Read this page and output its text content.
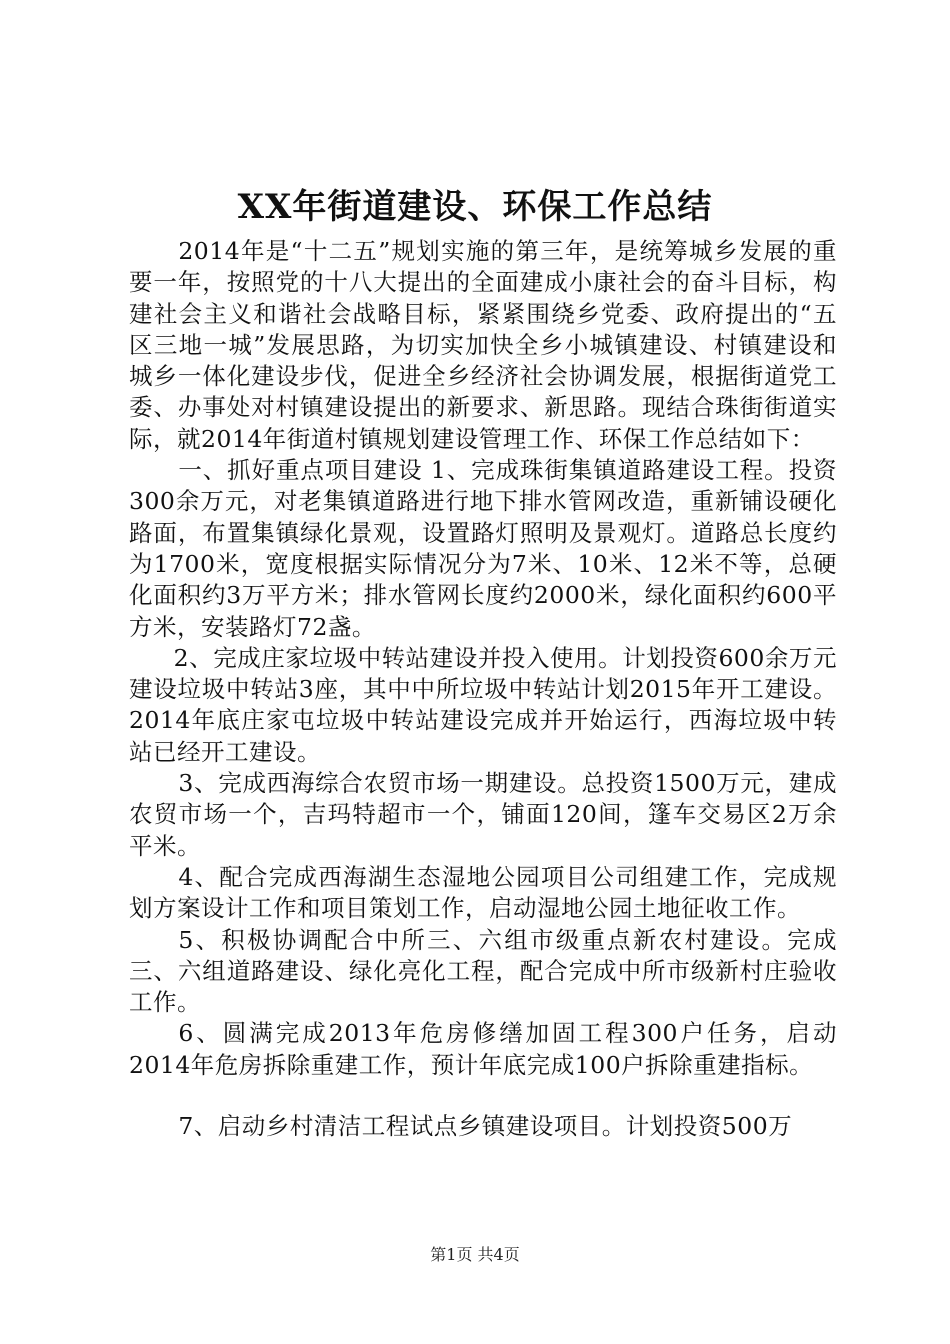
XX年街道建设、环保工作总结

2014年是“十二五”规划实施的第三年，是统筹城乡发展的重要一年，按照党的十八大提出的全面建成小康社会的奋斗目标，构建社会主义和谐社会战略目标，紧紧围绕乡党委、政府提出的“五区三地一城”发展思路，为切实加快全乡小城镇建设、村镇建设和城乡一体化建设步伐，促进全乡经济社会协调发展，根据街道党工委、办事处对村镇建设提出的新要求、新思路。现结合珠街街道实际，就2014年街道村镇规划建设管理工作、环保工作总结如下：

一、抓好重点项目建设 1、完成珠街集镇道路建设工程。投资300余万元，对老集镇道路进行地下排水管网改造，重新铺设硬化路面，布置集镇绿化景观，设置路灯照明及景观灯。道路总长度约为1700米，宽度根据实际情况分为7米、10米、12米不等，总硬化面积约3万平方米；排水管网长度约2000米，绿化面积约600平方米，安装路灯72盏。

2、完成庄家垃圾中转站建设并投入使用。计划投资600余万元建设垃圾中转站3座，其中中所垃圾中转站计划2015年开工建设。2014年底庄家屯垃圾中转站建设完成并开始运行，西海垃圾中转站已经开工建设。

3、完成西海综合农贸市场一期建设。总投资1500万元，建成农贸市场一个，吉玛特超市一个，铺面120间，篷车交易区2万余平米。

4、配合完成西海湖生态湿地公园项目公司组建工作，完成规划方案设计工作和项目策划工作，启动湿地公园土地征收工作。

5、积极协调配合中所三、六组市级重点新农村建设。完成三、六组道路建设、绿化亮化工程，配合完成中所市级新村庄验收工作。

6、圆满完成2013年危房修缮加固工程300户任务，启动2014年危房拆除重建工作，预计年底完成100户拆除重建指标。

7、启动乡村清洁工程试点乡镇建设项目。计划投资500万

第1页 共4页
